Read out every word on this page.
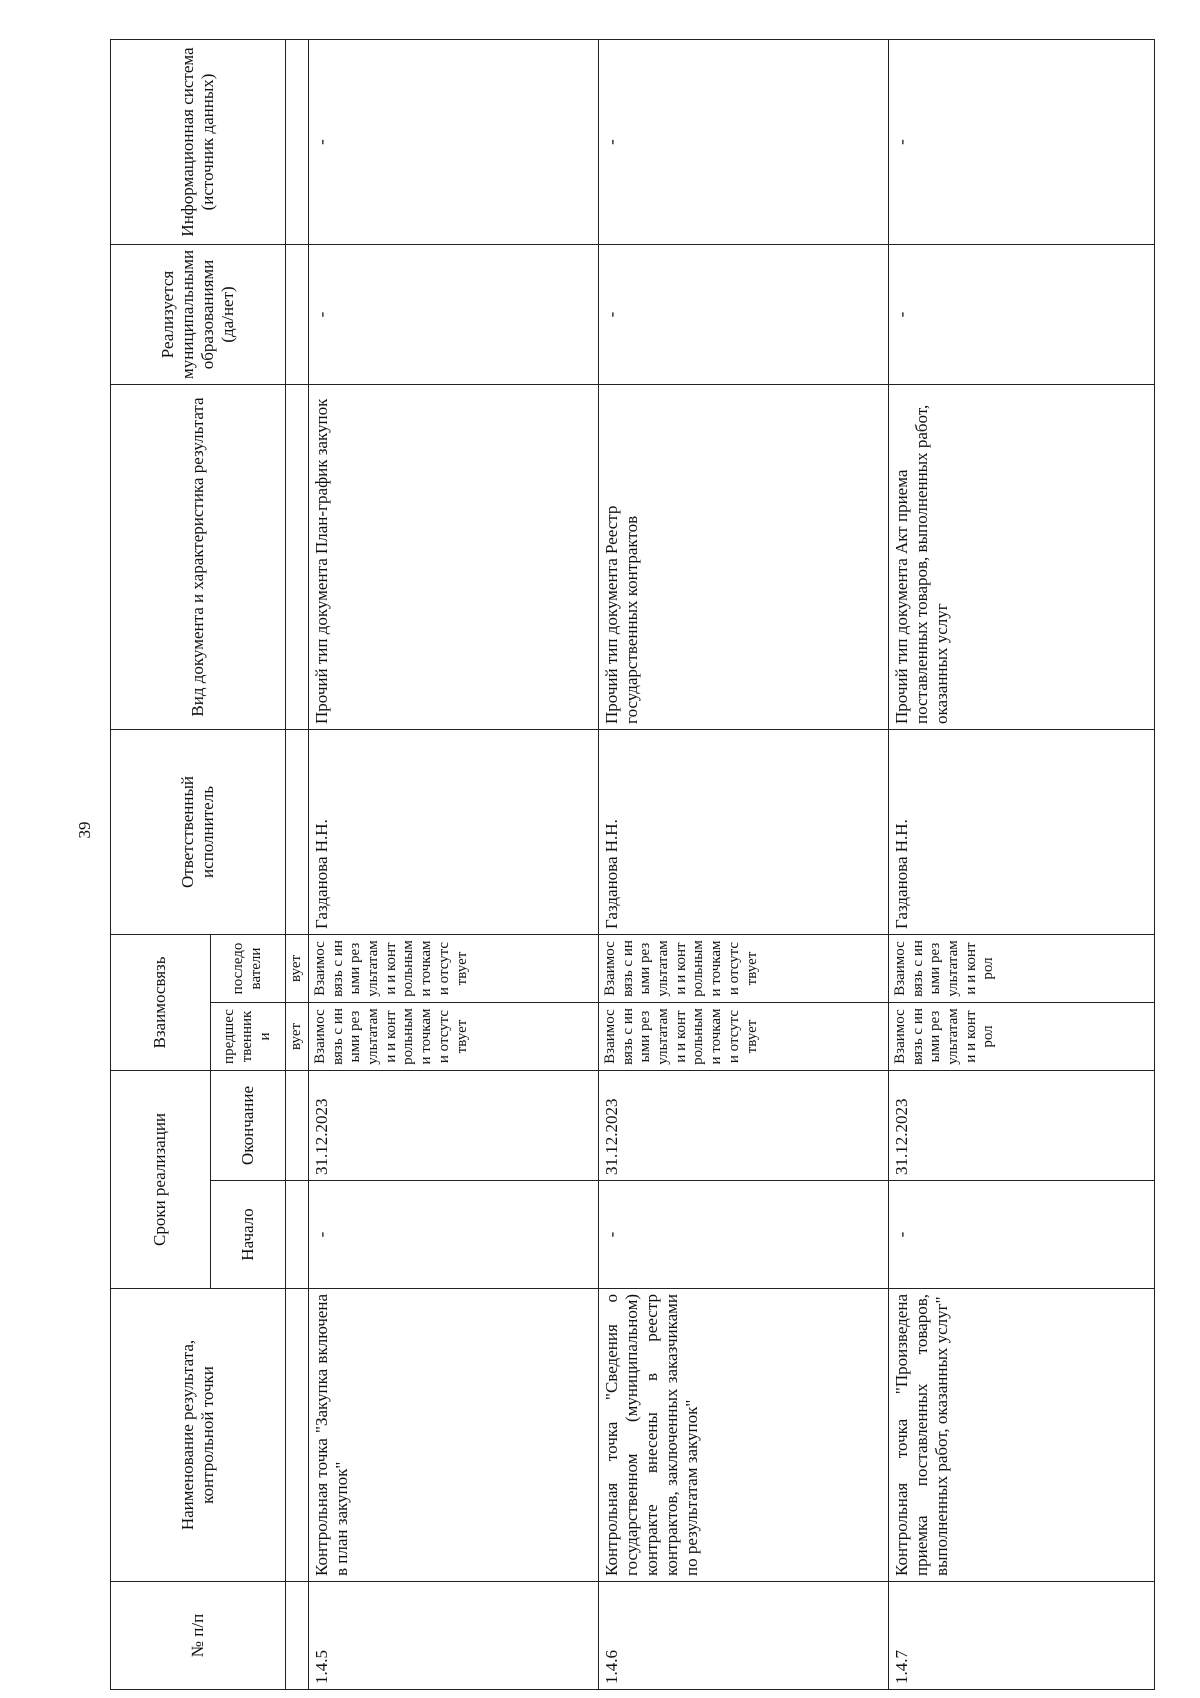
39
№ п/п	Наименование результата, контрольной точки	Сроки реализации		Взаимосвязь		Ответственный исполнитель	Вид документа и характеристика результата	Реализуется муниципальными образованиями (да/нет)	Информационная система (источник данных)
		Начало	Окончание	предшественники	последователи				
				вует	вует				
1.4.5	Контрольная точка "Закупка включена в план закупок"	-	31.12.2023	Взаимосвязь с иными результатами и контрольными точками отсутствует	Взаимосвязь с иными результатами и контрольными точками отсутствует	Газданова Н.Н.	Прочий тип документа План-график закупок	-	-
1.4.6	Контрольная точка "Сведения о государственном (муниципальном) контракте внесены в реестр контрактов, заключенных заказчиками по результатам закупок"	-	31.12.2023	Взаимосвязь с иными результатами и контрольными точками отсутствует	Взаимосвязь с иными результатами и контрольными точками отсутствует	Газданова Н.Н.	Прочий тип документа Реестр государственных контрактов	-	-
1.4.7	Контрольная точка "Произведена приемка поставленных товаров, выполненных работ, оказанных услуг"	-	31.12.2023	Взаимосвязь с иными результатами и контрол	Взаимосвязь с иными результатами и контрол	Газданова Н.Н.	Прочий тип документа Акт приема поставленных товаров, выполненных работ, оказанных услуг	-	-
